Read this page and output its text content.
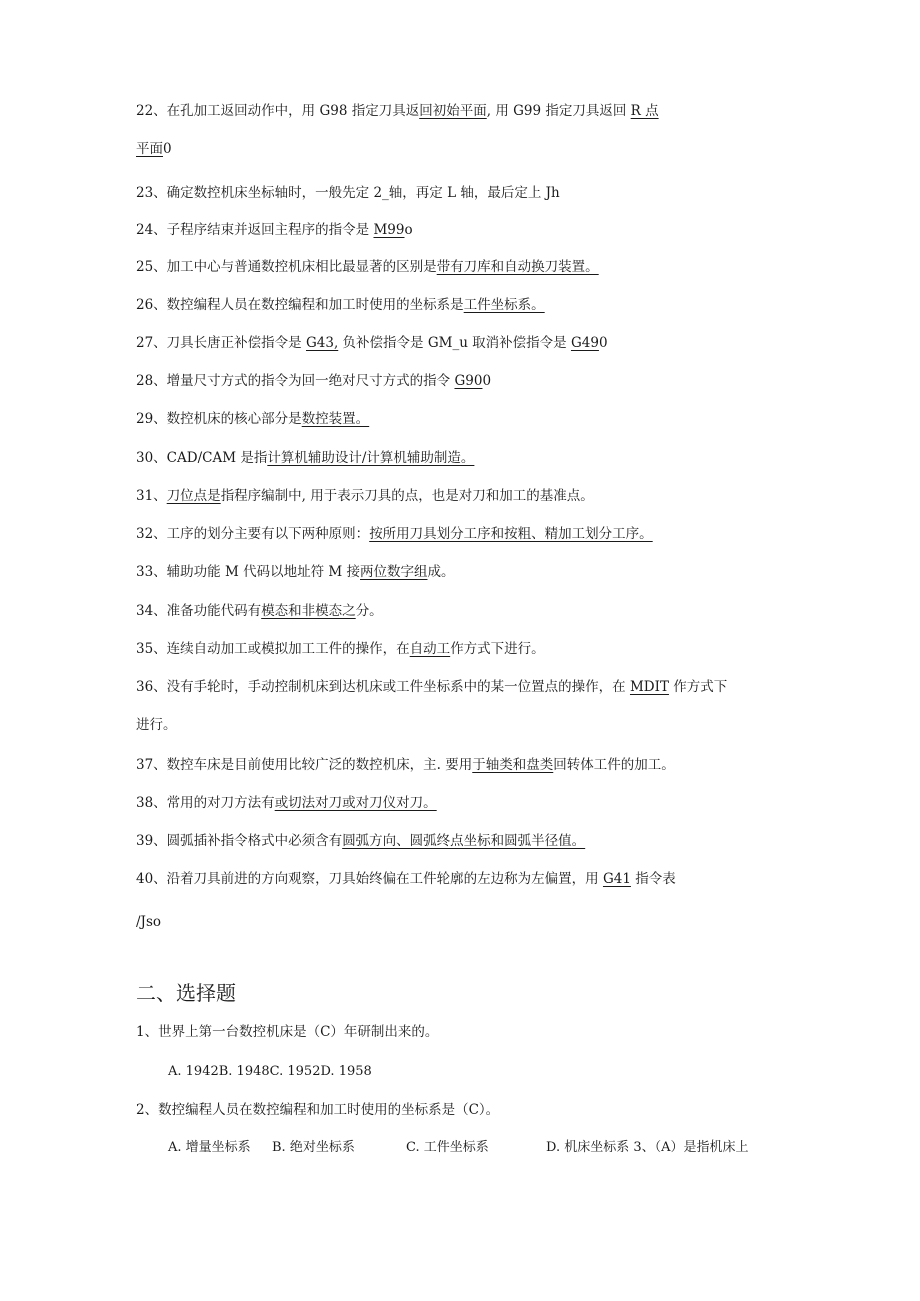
22、在孔加工返回动作中，用 G98 指定刀具返回初始平面, 用 G99 指定刀具返回 R 点
平面0
23、确定数控机床坐标轴时，一般先定 2_轴，再定 L 轴，最后定上 Jh
24、子程序结束并返回主程序的指令是 M99o
25、加工中心与普通数控机床相比最显著的区别是带有刀库和自动换刀装置。
26、数控编程人员在数控编程和加工时使用的坐标系是工件坐标系。
27、刀具长唐正补偿指令是 G43, 负补偿指令是 GM_u 取消补偿指令是 G490
28、增量尺寸方式的指令为回一绝对尺寸方式的指令 G900
29、数控机床的核心部分是数控装置。
30、CAD/CAM 是指计算机辅助设计/计算机辅助制造。
31、刀位点是指程序编制中, 用于表示刀具的点，也是对刀和加工的基准点。
32、工序的划分主要有以下两种原则：按所用刀具划分工序和按粗、精加工划分工序。
33、辅助功能 M 代码以地址符 M 接两位数字组成。
34、准备功能代码有模态和非模态之分。
35、连续自动加工或模拟加工工件的操作，在自动工作方式下进行。
36、没有手轮时，手动控制机床到达机床或工件坐标系中的某一位置点的操作，在 MDIT 作方式下
进行。
37、数控车床是目前使用比较广泛的数控机床，主. 要用于轴类和盘类回转体工件的加工。
38、常用的对刀方法有或切法对刀或对刀仪对刀。
39、圆弧插补指令格式中必须含有圆弧方向、圆弧终点坐标和圆弧半径值。
40、沿着刀具前进的方向观察，刀具始终偏在工件轮廓的左边称为左偏置，用 G41 指令表
/Jso
二、选择题
1、世界上第一台数控机床是（C）年研制出来的。
A. 1942B. 1948C. 1952D. 1958
2、数控编程人员在数控编程和加工时使用的坐标系是（C）。
A. 增量坐标系 B. 绝对坐标系	C. 工件坐标系	D. 机床坐标系 3、（A）是指机床上
